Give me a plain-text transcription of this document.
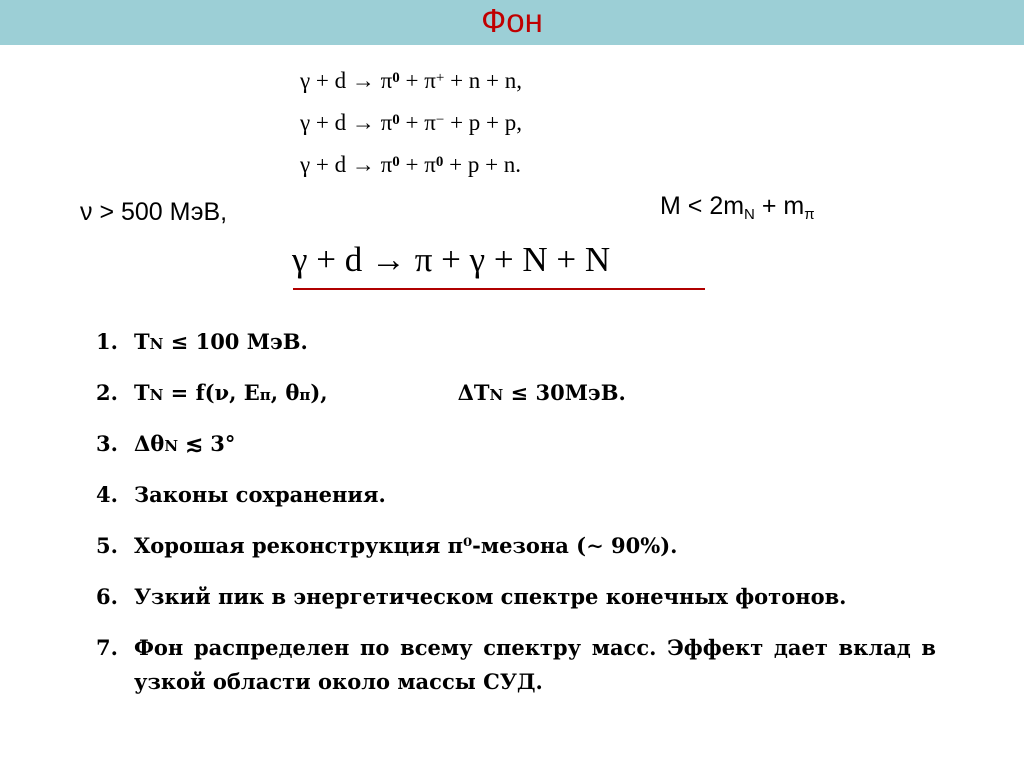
Фон
$\gamma + d \to \pi^0 + \pi^+ + n + n$,
$\gamma + d \to \pi^0 + \pi^- + p + p$,
$\gamma + d \to \pi^0 + \pi^0 + p + n$.
ν > 500 МэВ,	M < 2mN + mπ
γ + d → π + γ + N + N
1. TN ≤ 100 МэВ.
2. TN = f(ν, Eπ, θπ),	ΔTN ≤ 30МэВ.
3. ΔθN ≲ 3°
4. Законы сохранения.
5. Хорошая реконструкция π⁰-мезона (∼ 90%).
6. Узкий пик в энергетическом спектре конечных фотонов.
7. Фон распределен по всему спектру масс. Эффект дает вклад в узкой области около массы СУД.
